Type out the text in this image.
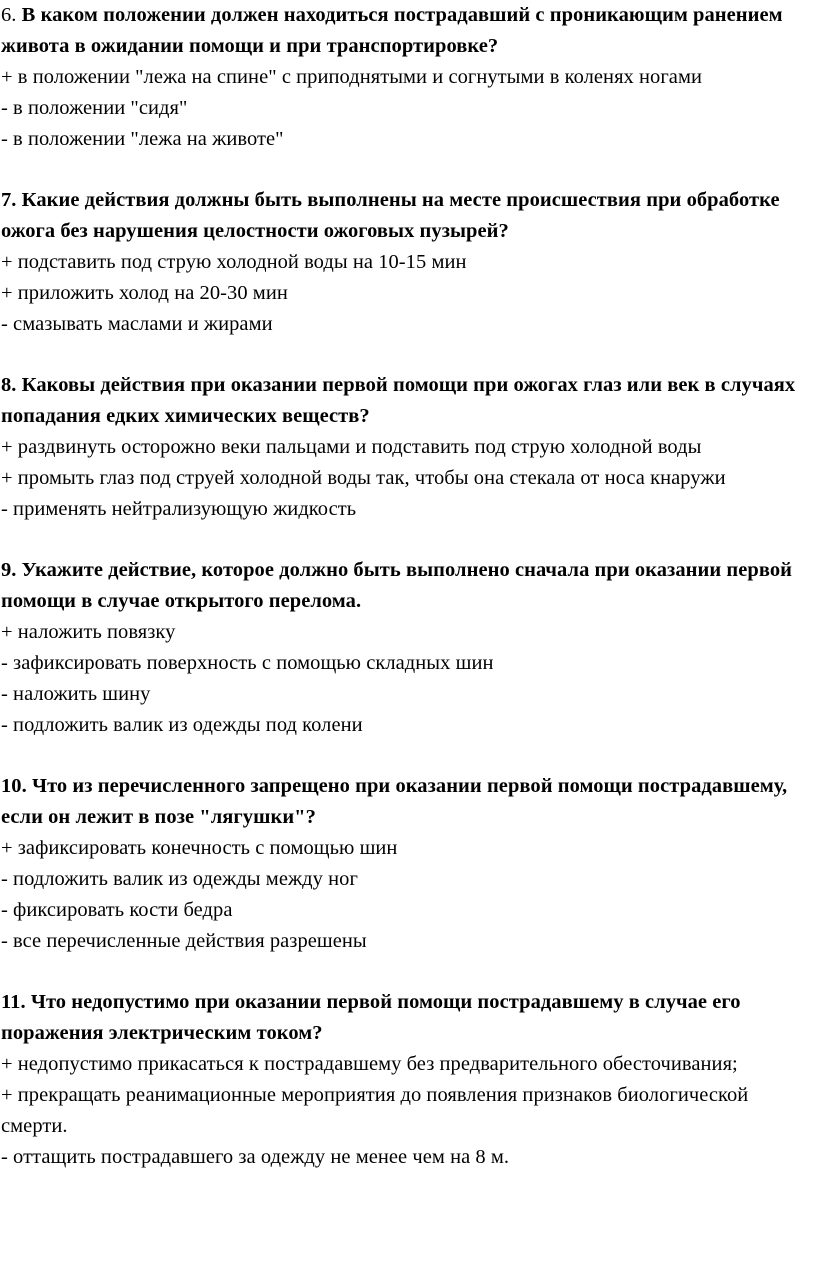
6. В каком положении должен находиться пострадавший с проникающим ранением живота в ожидании помощи и при транспортировке?

+ в положении "лежа на спине" с приподнятыми и согнутыми в коленях ногами

- в положении "сидя"

- в положении "лежа на животе"

7. Какие действия должны быть выполнены на месте происшествия при обработке ожога без нарушения целостности ожоговых пузырей?

+ подставить под струю холодной воды на 10-15 мин

+ приложить холод на 20-30 мин

- смазывать маслами и жирами

8. Каковы действия при оказании первой помощи при ожогах глаз или век в случаях попадания едких химических веществ?

+ раздвинуть осторожно веки пальцами и подставить под струю холодной воды

+ промыть глаз под струей холодной воды так, чтобы она стекала от носа кнаружи

- применять нейтрализующую жидкость

9. Укажите действие, которое должно быть выполнено сначала при оказании первой помощи в случае открытого перелома.

+ наложить повязку

- зафиксировать поверхность с помощью складных шин

- наложить шину

- подложить валик из одежды под колени

10. Что из перечисленного запрещено при оказании первой помощи пострадавшему, если он лежит в позе "лягушки"?

+ зафиксировать конечность с помощью шин

- подложить валик из одежды между ног

- фиксировать кости бедра

- все перечисленные действия разрешены

11. Что недопустимо при оказании первой помощи пострадавшему в случае его поражения электрическим током?

+ недопустимо прикасаться к пострадавшему без предварительного обесточивания;

+ прекращать реанимационные мероприятия до появления признаков биологической смерти.

- оттащить пострадавшего за одежду не менее чем на 8 м.
